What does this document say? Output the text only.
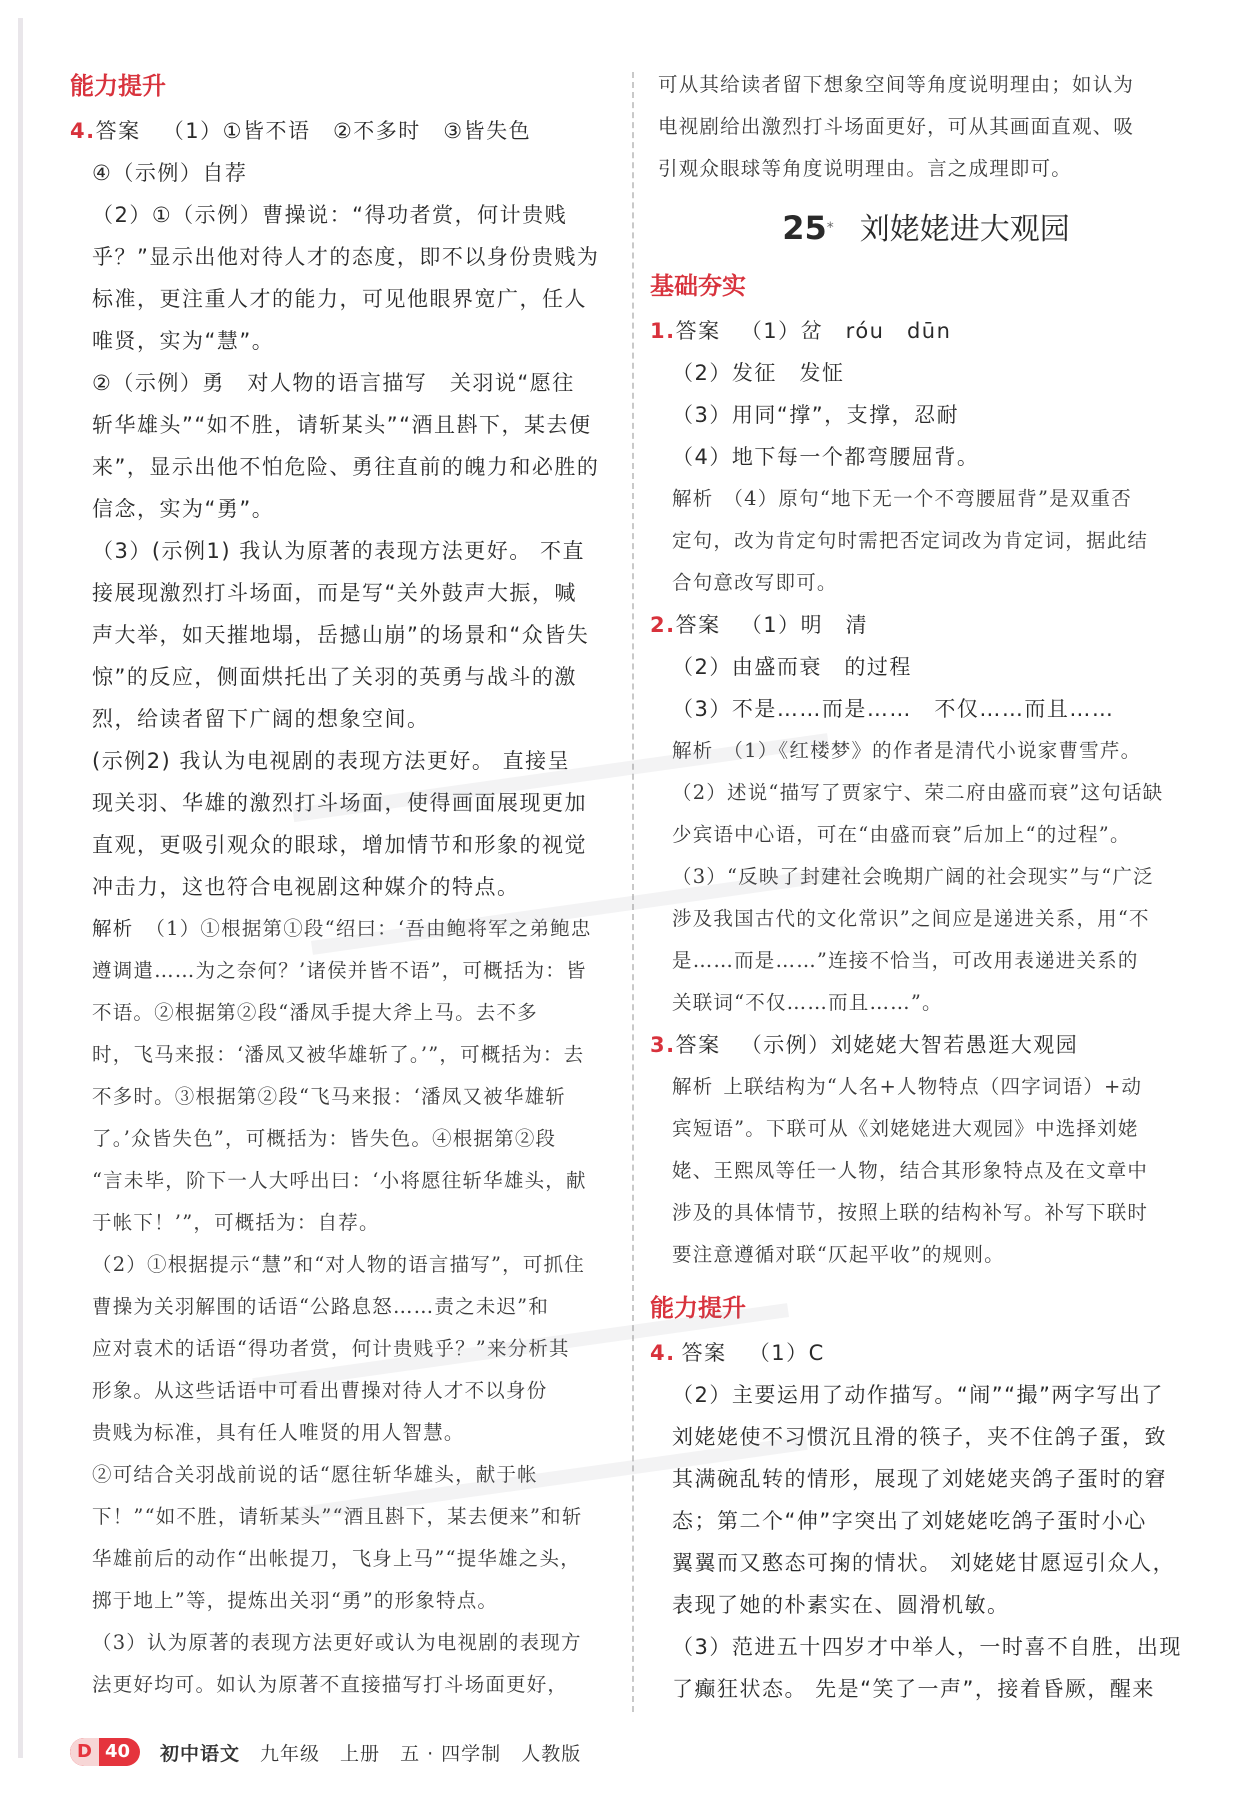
能力提升
4.答案 （1）①皆不语　②不多时　③皆失色
④（示例）自荐
（2）①（示例）曹操说：“得功者赏，何计贵贱
乎？”显示出他对待人才的态度，即不以身份贵贱为
标准，更注重人才的能力，可见他眼界宽广，任人
唯贤，实为“慧”。
②（示例）勇　对人物的语言描写　关羽说“愿往
斩华雄头”“如不胜，请斩某头”“酒且斟下，某去便
来”，显示出他不怕危险、勇往直前的魄力和必胜的
信念，实为“勇”。
（3）(示例1) 我认为原著的表现方法更好。 不直
接展现激烈打斗场面，而是写“关外鼓声大振，喊
声大举，如天摧地塌，岳撼山崩”的场景和“众皆失
惊”的反应，侧面烘托出了关羽的英勇与战斗的激
烈，给读者留下广阔的想象空间。
(示例2) 我认为电视剧的表现方法更好。 直接呈
现关羽、华雄的激烈打斗场面，使得画面展现更加
直观，更吸引观众的眼球，增加情节和形象的视觉
冲击力，这也符合电视剧这种媒介的特点。
解析 （1）①根据第①段“绍曰：‘吾由鲍将军之弟鲍忠
遵调遣……为之奈何？’诸侯并皆不语”，可概括为：皆
不语。②根据第②段“潘凤手提大斧上马。去不多
时，飞马来报：‘潘凤又被华雄斩了。’”，可概括为：去
不多时。③根据第②段“飞马来报：‘潘凤又被华雄斩
了。’众皆失色”，可概括为：皆失色。④根据第②段
“言未毕，阶下一人大呼出曰：‘小将愿往斩华雄头，献
于帐下！’”，可概括为：自荐。
（2）①根据提示“慧”和“对人物的语言描写”，可抓住
曹操为关羽解围的话语“公路息怒……责之未迟”和
应对袁术的话语“得功者赏，何计贵贱乎？”来分析其
形象。从这些话语中可看出曹操对待人才不以身份
贵贱为标准，具有任人唯贤的用人智慧。
②可结合关羽战前说的话“愿往斩华雄头，献于帐
下！”“如不胜，请斩某头”“酒且斟下，某去便来”和斩
华雄前后的动作“出帐提刀，飞身上马”“提华雄之头，
掷于地上”等，提炼出关羽“勇”的形象特点。
（3）认为原著的表现方法更好或认为电视剧的表现方
法更好均可。如认为原著不直接描写打斗场面更好，
可从其给读者留下想象空间等角度说明理由；如认为
电视剧给出激烈打斗场面更好，可从其画面直观、吸
引观众眼球等角度说明理由。言之成理即可。
25* 刘姥姥进大观园
基础夯实
1.答案 （1）岔　róu　dūn
（2）发征　发怔
（3）用同“撑”，支撑，忍耐
（4）地下每一个都弯腰屈背。
解析 （4）原句“地下无一个不弯腰屈背”是双重否
定句，改为肯定句时需把否定词改为肯定词，据此结
合句意改写即可。
2.答案 （1）明　清
（2）由盛而衰　的过程
（3）不是……而是……　不仅……而且……
解析 （1）《红楼梦》的作者是清代小说家曹雪芹。
（2）述说“描写了贾家宁、荣二府由盛而衰”这句话缺
少宾语中心语，可在“由盛而衰”后加上“的过程”。
（3）“反映了封建社会晚期广阔的社会现实”与“广泛
涉及我国古代的文化常识”之间应是递进关系，用“不
是……而是……”连接不恰当，可改用表递进关系的
关联词“不仅……而且……”。
3.答案 （示例）刘姥姥大智若愚逛大观园
解析 上联结构为“人名+人物特点（四字词语）+动
宾短语”。下联可从《刘姥姥进大观园》中选择刘姥
姥、王熙凤等任一人物，结合其形象特点及在文章中
涉及的具体情节，按照上联的结构补写。补写下联时
要注意遵循对联“仄起平收”的规则。
能力提升
4. 答案 （1）C
（2）主要运用了动作描写。“闹”“撮”两字写出了
刘姥姥使不习惯沉且滑的筷子，夹不住鸽子蛋，致
其满碗乱转的情形，展现了刘姥姥夹鸽子蛋时的窘
态；第二个“伸”字突出了刘姥姥吃鸽子蛋时小心
翼翼而又憨态可掬的情状。 刘姥姥甘愿逗引众人，
表现了她的朴素实在、圆滑机敏。
（3）范进五十四岁才中举人，一时喜不自胜，出现
了癫狂状态。 先是“笑了一声”，接着昏厥，醒来
D 40	初中语文 九年级 上册 五 · 四学制 人教版
